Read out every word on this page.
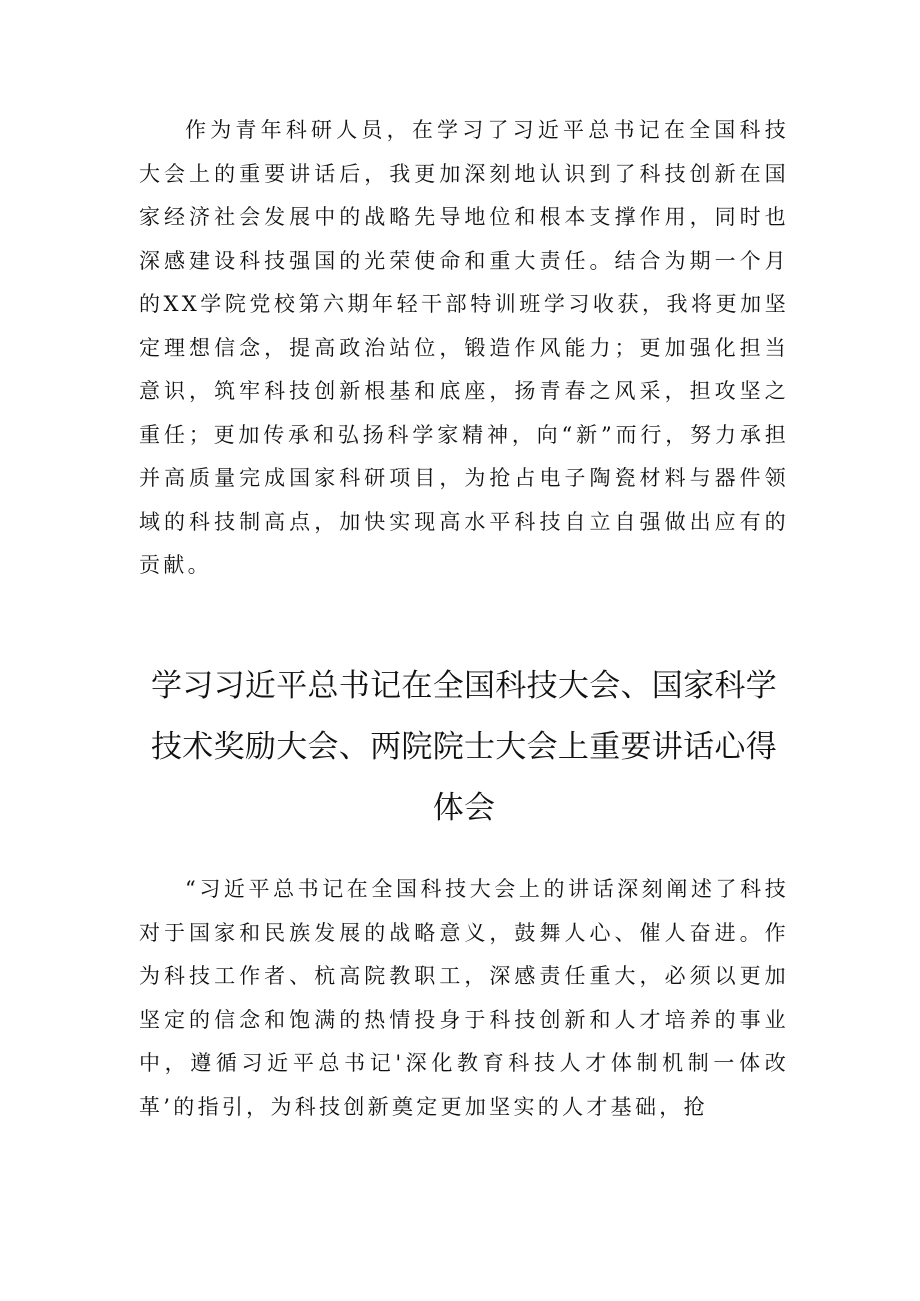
作为青年科研人员，在学习了习近平总书记在全国科技大会上的重要讲话后，我更加深刻地认识到了科技创新在国家经济社会发展中的战略先导地位和根本支撑作用，同时也深感建设科技强国的光荣使命和重大责任。结合为期一个月的XX学院党校第六期年轻干部特训班学习收获，我将更加坚定理想信念，提高政治站位，锻造作风能力；更加强化担当意识，筑牢科技创新根基和底座，扬青春之风采，担攻坚之重任；更加传承和弘扬科学家精神，向“新”而行，努力承担并高质量完成国家科研项目，为抢占电子陶瓷材料与器件领域的科技制高点，加快实现高水平科技自立自强做出应有的贡献。

学习习近平总书记在全国科技大会、国家科学技术奖励大会、两院院士大会上重要讲话心得体会

“习近平总书记在全国科技大会上的讲话深刻阐述了科技对于国家和民族发展的战略意义，鼓舞人心、催人奋进。作为科技工作者、杭高院教职工，深感责任重大，必须以更加坚定的信念和饱满的热情投身于科技创新和人才培养的事业中，遵循习近平总书记'深化教育科技人才体制机制一体改革’的指引，为科技创新奠定更加坚实的人才基础，抢
